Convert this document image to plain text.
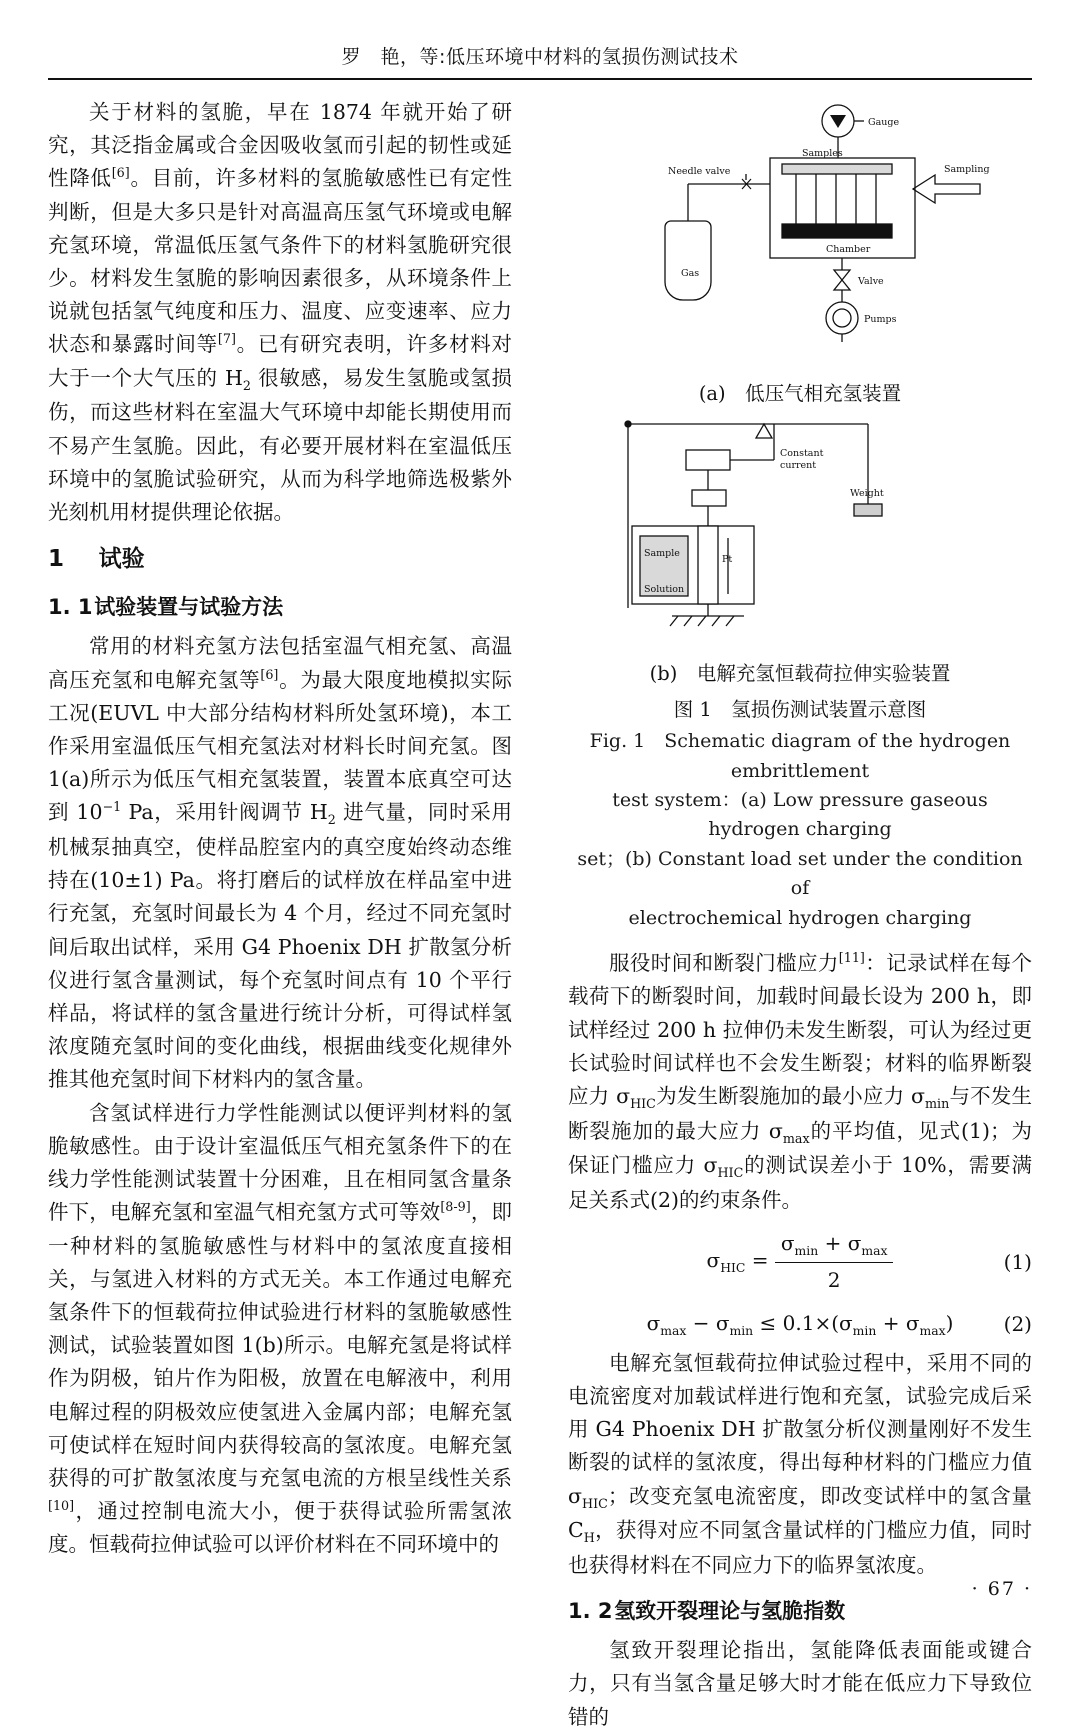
罗　艳，等:低压环境中材料的氢损伤测试技术

关于材料的氢脆，早在 1874 年就开始了研究，其泛指金属或合金因吸收氢而引起的韧性或延性降低[6]。目前，许多材料的氢脆敏感性已有定性判断，但是大多只是针对高温高压氢气环境或电解充氢环境，常温低压氢气条件下的材料氢脆研究很少。材料发生氢脆的影响因素很多，从环境条件上说就包括氢气纯度和压力、温度、应变速率、应力状态和暴露时间等[7]。已有研究表明，许多材料对大于一个大气压的 $H_2$ 很敏感，易发生氢脆或氢损伤，而这些材料在室温大气环境中却能长期使用而不易产生氢脆。因此，有必要开展材料在室温低压环境中的氢脆试验研究，从而为科学地筛选极紫外光刻机用材提供理论依据。

1 试验
1. 1试验装置与试验方法

常用的材料充氢方法包括室温气相充氢、高温高压充氢和电解充氢等[6]。为最大限度地模拟实际工况(EUVL 中大部分结构材料所处氢环境)，本工作采用室温低压气相充氢法对材料长时间充氢。图 1(a)所示为低压气相充氢装置，装置本底真空可达到 $10^{-1}$ Pa，采用针阀调节 $H_2$ 进气量，同时采用机械泵抽真空，使样品腔室内的真空度始终动态维持在(10±1) Pa。将打磨后的试样放在样品室中进行充氢，充氢时间最长为 4 个月，经过不同充氢时间后取出试样，采用 G4 Phoenix DH 扩散氢分析仪进行氢含量测试，每个充氢时间点有 10 个平行样品，将试样的氢含量进行统计分析，可得试样氢浓度随充氢时间的变化曲线，根据曲线变化规律外推其他充氢时间下材料内的氢含量。

含氢试样进行力学性能测试以便评判材料的氢脆敏感性。由于设计室温低压气相充氢条件下的在线力学性能测试装置十分困难，且在相同氢含量条件下，电解充氢和室温气相充氢方式可等效[8-9]，即一种材料的氢脆敏感性与材料中的氢浓度直接相关，与氢进入材料的方式无关。本工作通过电解充氢条件下的恒载荷拉伸试验进行材料的氢脆敏感性测试，试验装置如图 1(b)所示。电解充氢是将试样作为阴极，铂片作为阳极，放置在电解液中，利用电解过程的阴极效应使氢进入金属内部；电解充氢可使试样在短时间内获得较高的氢浓度。电解充氢获得的可扩散氢浓度与充氢电流的方根呈线性关系[10]，通过控制电流大小，便于获得试验所需氢浓度。恒载荷拉伸试验可以评价材料在不同环境中的

Gauge
Samples
Needle valve	Sampling
Chamber
Valve
Gas
Pumps

(a)　低压气相充氢装置

Constant
current
Weight
Sample
Solution
Pt

(b)　电解充氢恒载荷拉伸实验装置

图 1　氢损伤测试装置示意图

Fig. 1　Schematic diagram of the hydrogen embrittlement
test system：(a) Low pressure gaseous hydrogen charging
set；(b) Constant load set under the condition of
electrochemical hydrogen charging

服役时间和断裂门槛应力[11]：记录试样在每个载荷下的断裂时间，加载时间最长设为 200 h，即试样经过 200 h 拉伸仍未发生断裂，可认为经过更长试验时间试样也不会发生断裂；材料的临界断裂应力 $\sigma_{HIC}$为发生断裂施加的最小应力 $\sigma_{min}$与不发生断裂施加的最大应力 $\sigma_{max}$的平均值，见式(1)；为保证门槛应力 $\sigma_{HIC}$的测试误差小于 10%，需要满足关系式(2)的约束条件。

$\sigma_{HIC} = \frac{\sigma_{min} + \sigma_{max}}{2}$	(1)
$\sigma_{max} - \sigma_{min} \le 0.1\times(\sigma_{min} + \sigma_{max})$	(2)

电解充氢恒载荷拉伸试验过程中，采用不同的电流密度对加载试样进行饱和充氢，试验完成后采用 G4 Phoenix DH 扩散氢分析仪测量刚好不发生断裂的试样的氢浓度，得出每种材料的门槛应力值 $\sigma_{HIC}$；改变充氢电流密度，即改变试样中的氢含量 $C_H$，获得对应不同氢含量试样的门槛应力值，同时也获得材料在不同应力下的临界氢浓度。

1. 2氢致开裂理论与氢脆指数

氢致开裂理论指出，氢能降低表面能或键合力，只有当氢含量足够大时才能在低应力下导致位错的

· 67 ·
